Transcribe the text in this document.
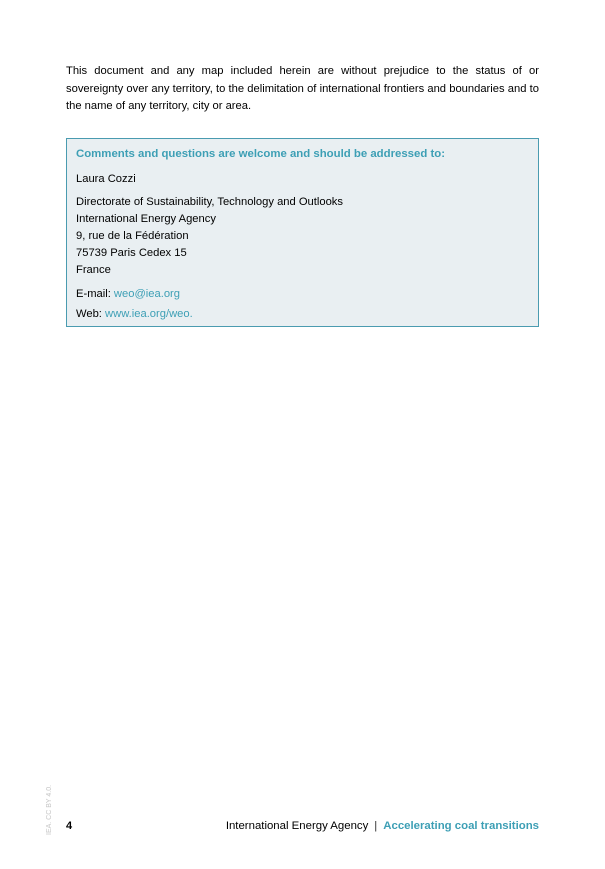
This document and any map included herein are without prejudice to the status of or sovereignty over any territory, to the delimitation of international frontiers and boundaries and to the name of any territory, city or area.

Comments and questions are welcome and should be addressed to:
Laura Cozzi
Directorate of Sustainability, Technology and Outlooks
International Energy Agency
9, rue de la Fédération
75739 Paris Cedex 15
France
E-mail: weo@iea.org
Web: www.iea.org/weo.
IEA. CC BY 4.0. 4	International Energy Agency | Accelerating coal transitions
